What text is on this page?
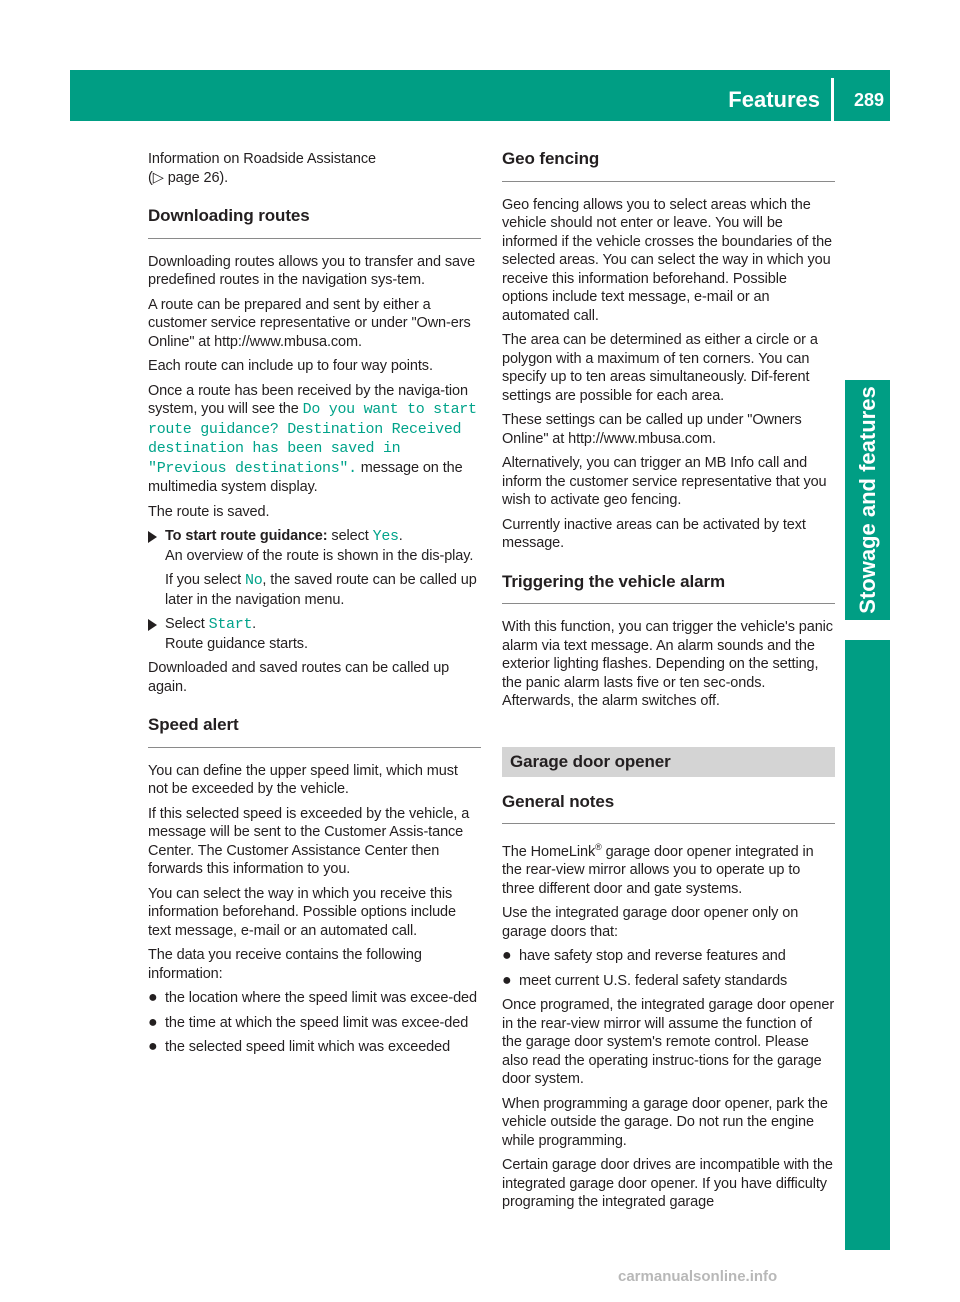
Features 289
Stowage and features

Information on Roadside Assistance
(▷ page 26).

Downloading routes

Downloading routes allows you to transfer and save predefined routes in the navigation sys-tem.

A route can be prepared and sent by either a customer service representative or under "Own-ers Online" at http://www.mbusa.com.

Each route can include up to four way points.

Once a route has been received by the naviga-tion system, you will see the Do you want to start route guidance? Destination Received destination has been saved in "Previous destinations". message on the multimedia system display.

The route is saved.

To start route guidance: select Yes.
An overview of the route is shown in the dis-play.
If you select No, the saved route can be called up later in the navigation menu.
Select Start.
Route guidance starts.

Downloaded and saved routes can be called up again.

Speed alert

You can define the upper speed limit, which must not be exceeded by the vehicle.

If this selected speed is exceeded by the vehicle, a message will be sent to the Customer Assis-tance Center. The Customer Assistance Center then forwards this information to you.

You can select the way in which you receive this information beforehand. Possible options include text message, e-mail or an automated call.

The data you receive contains the following information:

● the location where the speed limit was excee-ded
● the time at which the speed limit was excee-ded
● the selected speed limit which was exceeded
Geo fencing

Geo fencing allows you to select areas which the vehicle should not enter or leave. You will be informed if the vehicle crosses the boundaries of the selected areas. You can select the way in which you receive this information beforehand. Possible options include text message, e-mail or an automated call.

The area can be determined as either a circle or a polygon with a maximum of ten corners. You can specify up to ten areas simultaneously. Dif-ferent settings are possible for each area.

These settings can be called up under "Owners Online" at http://www.mbusa.com.

Alternatively, you can trigger an MB Info call and inform the customer service representative that you wish to activate geo fencing.

Currently inactive areas can be activated by text message.

Triggering the vehicle alarm

With this function, you can trigger the vehicle's panic alarm via text message. An alarm sounds and the exterior lighting flashes. Depending on the setting, the panic alarm lasts five or ten sec-onds. Afterwards, the alarm switches off.

Garage door opener
General notes

The HomeLink® garage door opener integrated in the rear-view mirror allows you to operate up to three different door and gate systems.

Use the integrated garage door opener only on garage doors that:

● have safety stop and reverse features and
● meet current U.S. federal safety standards

Once programed, the integrated garage door opener in the rear-view mirror will assume the function of the garage door system's remote control. Please also read the operating instruc-tions for the garage door system.

When programming a garage door opener, park the vehicle outside the garage. Do not run the engine while programming.

Certain garage door drives are incompatible with the integrated garage door opener. If you have difficulty programing the integrated garage

carmanualsonline.info
